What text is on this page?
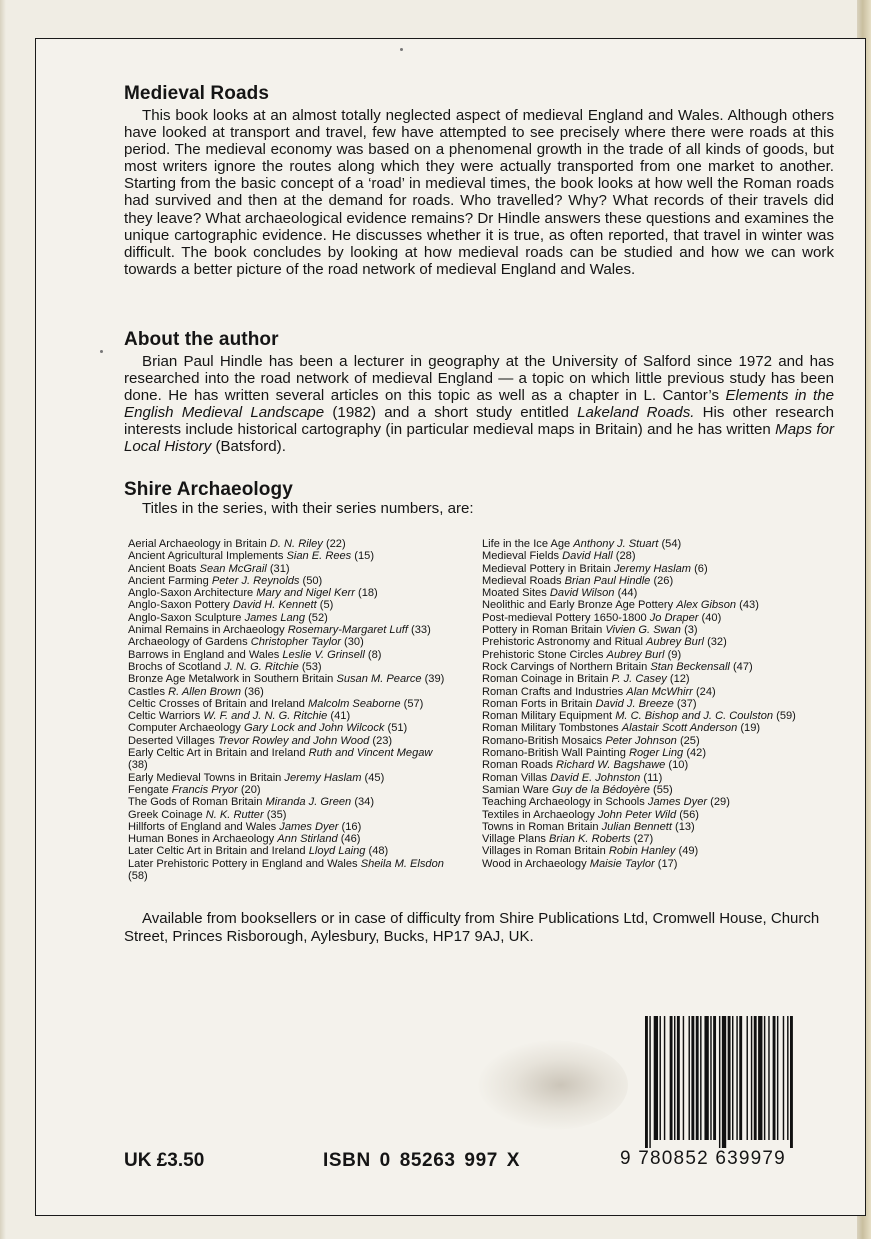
Medieval Roads

This book looks at an almost totally neglected aspect of medieval England and Wales. Although others have looked at transport and travel, few have attempted to see precisely where there were roads at this period. The medieval economy was based on a phenomenal growth in the trade of all kinds of goods, but most writers ignore the routes along which they were actually transported from one market to another. Starting from the basic concept of a ‘road’ in medieval times, the book looks at how well the Roman roads had survived and then at the demand for roads. Who travelled? Why? What records of their travels did they leave? What archaeological evidence remains? Dr Hindle answers these questions and examines the unique cartographic evidence. He discusses whether it is true, as often reported, that travel in winter was difficult. The book concludes by looking at how medieval roads can be studied and how we can work towards a better picture of the road network of medieval England and Wales.

About the author

Brian Paul Hindle has been a lecturer in geography at the University of Salford since 1972 and has researched into the road network of medieval England — a topic on which little previous study has been done. He has written several articles on this topic as well as a chapter in L. Cantor’s Elements in the English Medieval Landscape (1982) and a short study entitled Lakeland Roads. His other research interests include historical cartography (in particular medieval maps in Britain) and he has written Maps for Local History (Batsford).

Shire Archaeology

Titles in the series, with their series numbers, are:

Aerial Archaeology in Britain D. N. Riley (22)
Ancient Agricultural Implements Sian E. Rees (15)
Ancient Boats Sean McGrail (31)
Ancient Farming Peter J. Reynolds (50)
Anglo-Saxon Architecture Mary and Nigel Kerr (18)
Anglo-Saxon Pottery David H. Kennett (5)
Anglo-Saxon Sculpture James Lang (52)
Animal Remains in Archaeology Rosemary-Margaret Luff (33)
Archaeology of Gardens Christopher Taylor (30)
Barrows in England and Wales Leslie V. Grinsell (8)
Brochs of Scotland J. N. G. Ritchie (53)
Bronze Age Metalwork in Southern Britain Susan M. Pearce (39)
Castles R. Allen Brown (36)
Celtic Crosses of Britain and Ireland Malcolm Seaborne (57)
Celtic Warriors W. F. and J. N. G. Ritchie (41)
Computer Archaeology Gary Lock and John Wilcock (51)
Deserted Villages Trevor Rowley and John Wood (23)
Early Celtic Art in Britain and Ireland Ruth and Vincent Megaw
(38)
Early Medieval Towns in Britain Jeremy Haslam (45)
Fengate Francis Pryor (20)
The Gods of Roman Britain Miranda J. Green (34)
Greek Coinage N. K. Rutter (35)
Hillforts of England and Wales James Dyer (16)
Human Bones in Archaeology Ann Stirland (46)
Later Celtic Art in Britain and Ireland Lloyd Laing (48)
Later Prehistoric Pottery in England and Wales Sheila M. Elsdon
(58)
Life in the Ice Age Anthony J. Stuart (54)
Medieval Fields David Hall (28)
Medieval Pottery in Britain Jeremy Haslam (6)
Medieval Roads Brian Paul Hindle (26)
Moated Sites David Wilson (44)
Neolithic and Early Bronze Age Pottery Alex Gibson (43)
Post-medieval Pottery 1650-1800 Jo Draper (40)
Pottery in Roman Britain Vivien G. Swan (3)
Prehistoric Astronomy and Ritual Aubrey Burl (32)
Prehistoric Stone Circles Aubrey Burl (9)
Rock Carvings of Northern Britain Stan Beckensall (47)
Roman Coinage in Britain P. J. Casey (12)
Roman Crafts and Industries Alan McWhirr (24)
Roman Forts in Britain David J. Breeze (37)
Roman Military Equipment M. C. Bishop and J. C. Coulston (59)
Roman Military Tombstones Alastair Scott Anderson (19)
Romano-British Mosaics Peter Johnson (25)
Romano-British Wall Painting Roger Ling (42)
Roman Roads Richard W. Bagshawe (10)
Roman Villas David E. Johnston (11)
Samian Ware Guy de la Bédoyère (55)
Teaching Archaeology in Schools James Dyer (29)
Textiles in Archaeology John Peter Wild (56)
Towns in Roman Britain Julian Bennett (13)
Village Plans Brian K. Roberts (27)
Villages in Roman Britain Robin Hanley (49)
Wood in Archaeology Maisie Taylor (17)

Available from booksellers or in case of difficulty from Shire Publications Ltd, Cromwell House, Church Street, Princes Risborough, Aylesbury, Bucks, HP17 9AJ, UK.

9 780852 639979
UK £3.50	ISBN 0 85263 997 X
